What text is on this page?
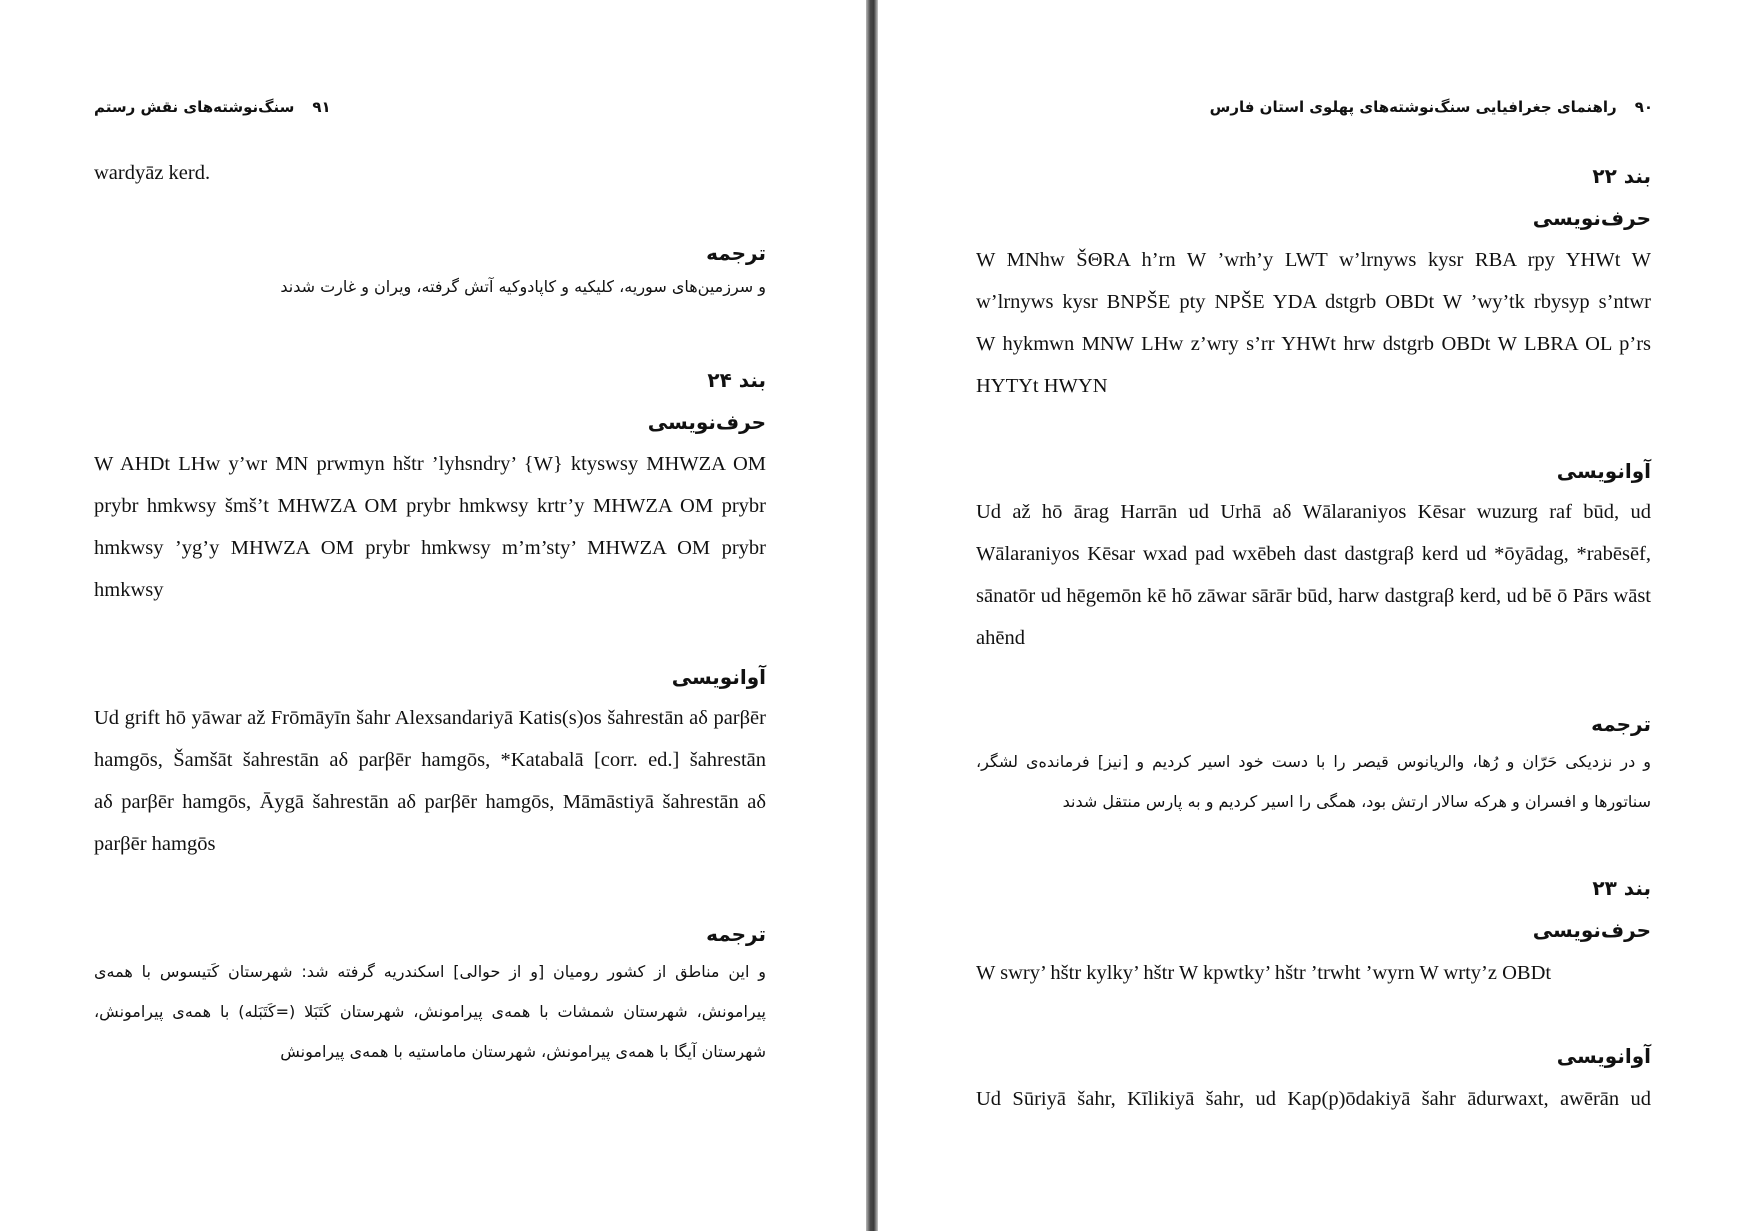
۹۱سنگ‌نوشته‌های نقش رستم
wardyāz kerd.
ترجمه
و سرزمین‌های سوریه، کلیکیه و کاپادوکیه آتش گرفته، ویران و غارت شدند
بند ۲۴
حرف‌نویسی
W AHDt LHw y’wr MN prwmyn hštr ’lyhsndry’ {W} ktyswsy MHWZA OM
prybr hmkwsy šmš’t MHWZA OM prybr hmkwsy krtr’y MHWZA OM prybr
hmkwsy ’yg’y MHWZA OM prybr hmkwsy m’m’sty’ MHWZA OM prybr
hmkwsy
آوانویسی
Ud grift hō yāwar až Frōmāyīn šahr Alexsandariyā Katis(s)os šahrestān aδ parβēr
hamgōs, Šamšāt šahrestān aδ parβēr hamgōs, *Katabalā [corr. ed.] šahrestān
aδ parβēr hamgōs, Āygā šahrestān aδ parβēr hamgōs, Māmāstiyā šahrestān aδ
parβēr hamgōs
ترجمه
و این مناطق از کشور رومیان [و از حوالی] اسکندریه گرفته شد: شهرستان کَتیسوس با همه‌ی
پیرامونش، شهرستان شمشات با همه‌ی پیرامونش، شهرستان کَتَبَلا (=کَتَبَله) با همه‌ی پیرامونش،
شهرستان آیگا با همه‌ی پیرامونش، شهرستان ماماستیه با همه‌ی پیرامونش
۹۰راهنمای جغرافیایی سنگ‌نوشته‌های پهلوی استان فارس
بند ۲۲
حرف‌نویسی
W MNhw ŠΘRA h’rn W ’wrh’y LWT w’lrnyws kysr RBA rpy YHWt W
w’lrnyws kysr BNPŠE pty NPŠE YDA dstgrb OBDt W ’wy’tk rbysyp s’ntwr
W hykmwn MNW LHw z’wry s’rr YHWt hrw dstgrb OBDt W LBRA OL p’rs
HYTYt HWYN
آوانویسی
Ud až hō ārag Harrān ud Urhā aδ Wālaraniyos Kēsar wuzurg raf būd, ud
Wālaraniyos Kēsar wxad pad wxēbeh dast dastgraβ kerd ud *ōyādag, *rabēsēf,
sānatōr ud hēgemōn kē hō zāwar sārār būd, harw dastgraβ kerd, ud bē ō Pārs wāst
ahēnd
ترجمه
و در نزدیکی حَرّان و رُها، والریانوس قیصر را با دست خود اسیر کردیم و [نیز] فرمانده‌ی لشگر،
سناتورها و افسران و هرکه سالار ارتش بود، همگی را اسیر کردیم و به پارس منتقل شدند
بند ۲۳
حرف‌نویسی
W swry’ hštr kylky’ hštr W kpwtky’ hštr ’trwht ’wyrn W wrty’z OBDt
آوانویسی
Ud Sūriyā šahr, Kīlikiyā šahr, ud Kap(p)ōdakiyā šahr ādurwaxt, awērān ud
